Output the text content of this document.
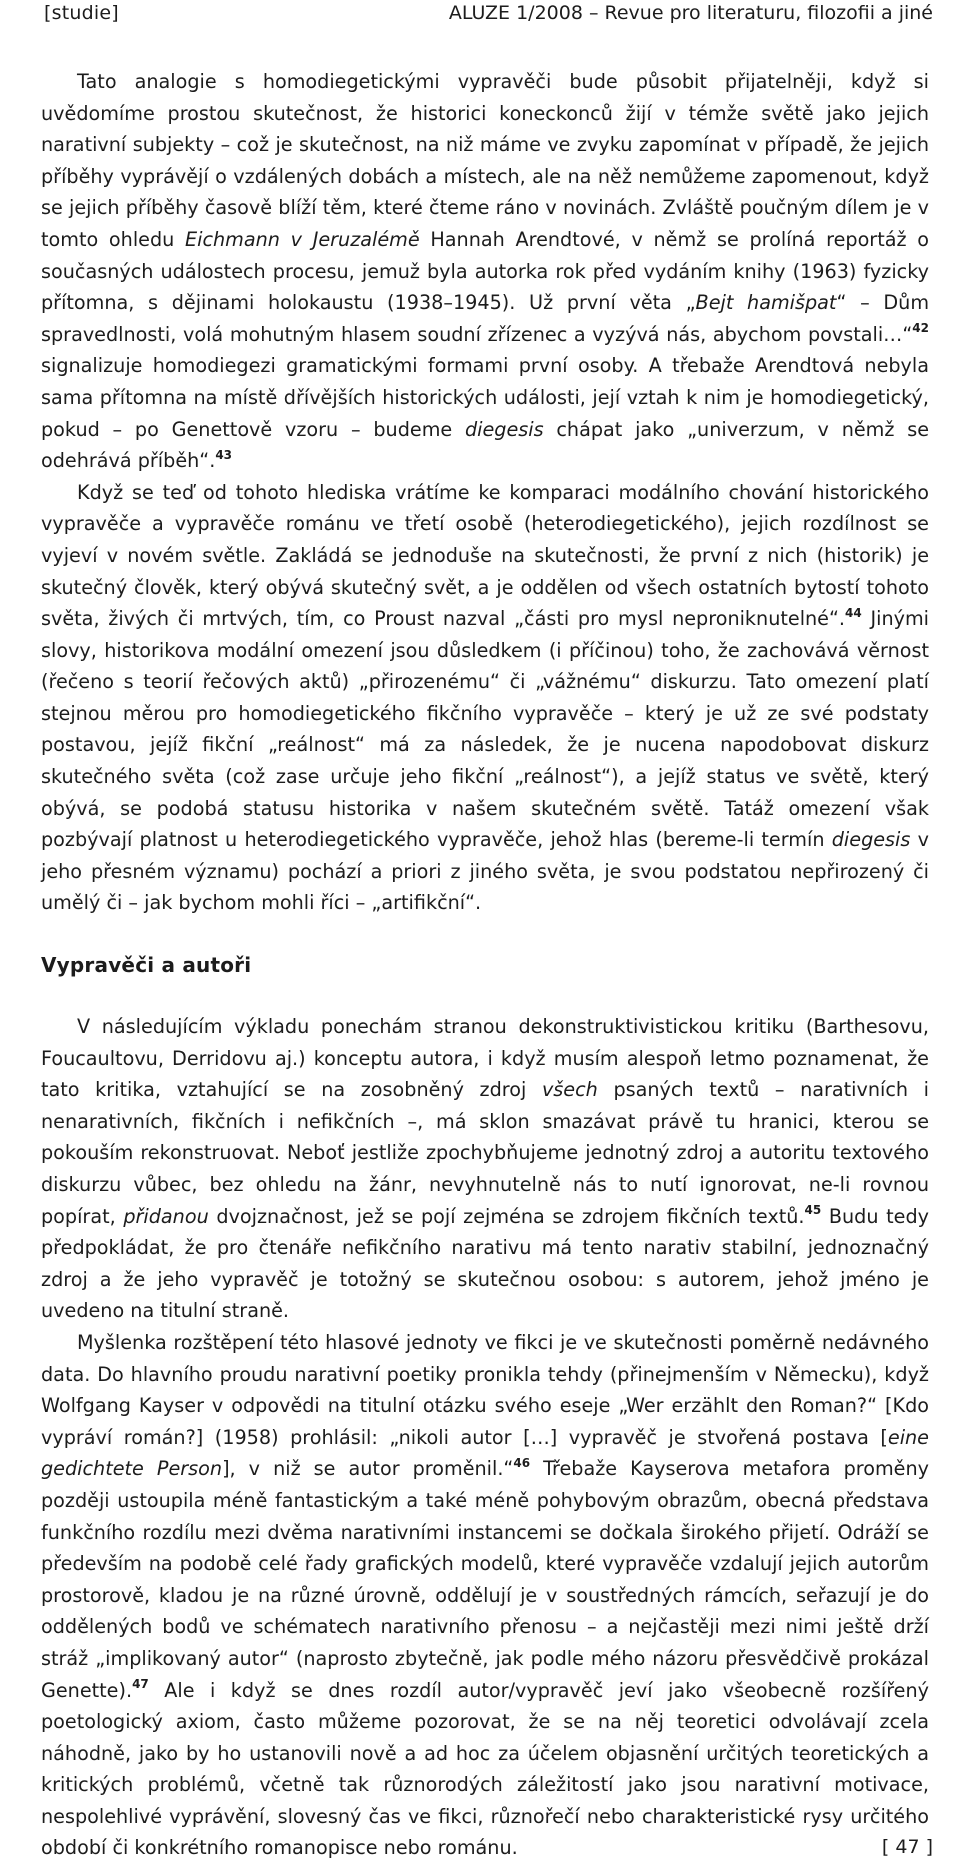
[studie]	ALUZE 1/2008 – Revue pro literaturu, filozofii a jiné

Tato analogie s homodiegetickými vypravěči bude působit přijatelněji, když si uvědomíme prostou skutečnost, že historici koneckonců žijí v témže světě jako jejich narativní subjekty – což je skutečnost, na niž máme ve zvyku zapomínat v případě, že jejich příběhy vyprávějí o vzdálených dobách a místech, ale na něž nemůžeme zapomenout, když se jejich příběhy časově blíží těm, které čteme ráno v novinách. Zvláště poučným dílem je v tomto ohledu Eichmann v Jeruzalémě Hannah Arendtové, v němž se prolíná reportáž o současných událostech procesu, jemuž byla autorka rok před vydáním knihy (1963) fyzicky přítomna, s dějinami holokaustu (1938–1945). Už první věta „Bejt hamišpat“ – Dům spravedlnosti, volá mohutným hlasem soudní zřízenec a vyzývá nás, abychom povstali…“$^{42}$ signalizuje homodiegezi gramatickými formami první osoby. A třebaže Arendtová nebyla sama přítomna na místě dřívějších historických události, její vztah k nim je homodiegetický, pokud – po Genettově vzoru – budeme diegesis chápat jako „univerzum, v němž se odehrává příběh“.$^{43}$

Když se teď od tohoto hlediska vrátíme ke komparaci modálního chování historického vypravěče a vypravěče románu ve třetí osobě (heterodiegetického), jejich rozdílnost se vyjeví v novém světle. Zakládá se jednoduše na skutečnosti, že první z nich (historik) je skutečný člověk, který obývá skutečný svět, a je oddělen od všech ostatních bytostí tohoto světa, živých či mrtvých, tím, co Proust nazval „části pro mysl neproniknutelné“.$^{44}$ Jinými slovy, historikova modální omezení jsou důsledkem (i příčinou) toho, že zachovává věrnost (řečeno s teorií řečových aktů) „přirozenému“ či „vážnému“ diskurzu. Tato omezení platí stejnou měrou pro homodiegetického fikčního vypravěče – který je už ze své podstaty postavou, jejíž fikční „reálnost“ má za následek, že je nucena napodobovat diskurz skutečného světa (což zase určuje jeho fikční „reálnost“), a jejíž status ve světě, který obývá, se podobá statusu historika v našem skutečném světě. Tatáž omezení však pozbývají platnost u heterodiegetického vypravěče, jehož hlas (bereme-li termín diegesis v jeho přesném významu) pochází a priori z jiného světa, je svou podstatou nepřirozený či umělý či – jak bychom mohli říci – „artifikční“.

Vypravěči a autoři

V následujícím výkladu ponechám stranou dekonstruktivistickou kritiku (Barthesovu, Foucaultovu, Derridovu aj.) konceptu autora, i když musím alespoň letmo poznamenat, že tato kritika, vztahující se na zosobněný zdroj všech psaných textů – narativních i nenarativních, fikčních i nefikčních –, má sklon smazávat právě tu hranici, kterou se pokouším rekonstruovat. Neboť jestliže zpochybňujeme jednotný zdroj a autoritu textového diskurzu vůbec, bez ohledu na žánr, nevyhnutelně nás to nutí ignorovat, ne-li rovnou popírat, přidanou dvojznačnost, jež se pojí zejména se zdrojem fikčních textů.$^{45}$ Budu tedy předpokládat, že pro čtenáře nefikčního narativu má tento narativ stabilní, jednoznačný zdroj a že jeho vypravěč je totožný se skutečnou osobou: s autorem, jehož jméno je uvedeno na titulní straně.

Myšlenka rozštěpení této hlasové jednoty ve fikci je ve skutečnosti poměrně nedávného data. Do hlavního proudu narativní poetiky pronikla tehdy (přinejmenším v Německu), když Wolfgang Kayser v odpovědi na titulní otázku svého eseje „Wer erzählt den Roman?“ [Kdo vypráví román?] (1958) prohlásil: „nikoli autor […] vypravěč je stvořená postava [eine gedichtete Person], v niž se autor proměnil.“$^{46}$ Třebaže Kayserova metafora proměny později ustoupila méně fantastickým a také méně pohybovým obrazům, obecná představa funkčního rozdílu mezi dvěma narativními instancemi se dočkala širokého přijetí. Odráží se především na podobě celé řady grafických modelů, které vypravěče vzdalují jejich autorům prostorově, kladou je na různé úrovně, oddělují je v soustředných rámcích, seřazují je do oddělených bodů ve schématech narativního přenosu – a nejčastěji mezi nimi ještě drží stráž „implikovaný autor“ (naprosto zbytečně, jak podle mého názoru přesvědčivě prokázal Genette).$^{47}$ Ale i když se dnes rozdíl autor/vypravěč jeví jako všeobecně rozšířený poetologický axiom, často můžeme pozorovat, že se na něj teoretici odvolávají zcela náhodně, jako by ho ustanovili nově a ad hoc za účelem objasnění určitých teoretických a kritických problémů, včetně tak různorodých záležitostí jako jsou narativní motivace, nespolehlivé vyprávění, slovesný čas ve fikci, různořečí nebo charakteristické rysy určitého období či konkrétního romanopisce nebo románu.	[ 47 ]
